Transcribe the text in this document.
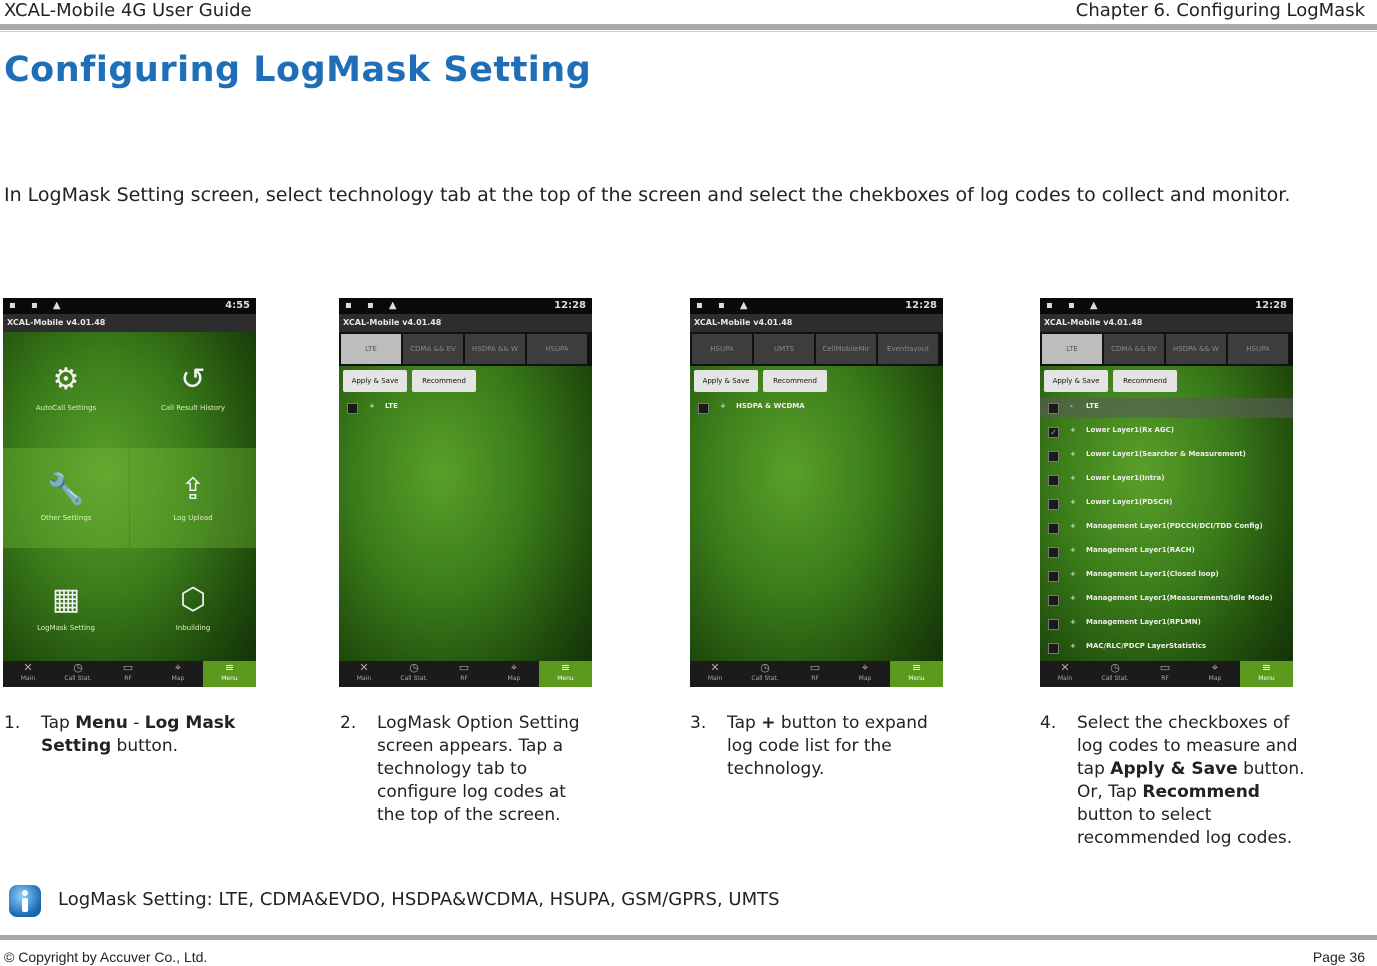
XCAL-Mobile 4G User Guide	Chapter 6. Configuring LogMask
Configuring LogMask Setting
In LogMask Setting screen, select technology tab at the top of the screen and select the chekboxes of log codes to collect and monitor.
▪ ▪ ▲	4:55
XCAL-Mobile v4.01.48
⚙
AutoCall Settings
↺
Call Result History
🔧
Other Settings
⇪
Log Upload
▦
LogMask Setting
⬡
Inbuilding
✕
Main
◷
Call Stat.
▭
RF
⌖
Map
≡
Menu
▪ ▪ ▲	12:28
XCAL-Mobile v4.01.48
LTE	CDMA && EV	HSDPA && W	HSUPA
Apply & Save	Recommend
+ LTE
✕
Main
◷
Call Stat.
▭
RF
⌖
Map
≡
Menu
▪ ▪ ▲	12:28
XCAL-Mobile v4.01.48
HSUPA	UMTS	CellMobileMir	Eventlayout
Apply & Save	Recommend
+ HSDPA & WCDMA
✕
Main
◷
Call Stat.
▭
RF
⌖
Map
≡
Menu
▪ ▪ ▲	12:28
XCAL-Mobile v4.01.48
LTE	CDMA && EV	HSDPA && W	HSUPA
Apply & Save	Recommend
- LTE
✓	+ Lower Layer1(Rx AGC)
+ Lower Layer1(Searcher & Measurement)
+ Lower Layer1(Intra)
+ Lower Layer1(PDSCH)
+ Management Layer1(PDCCH/DCI/TDD Config)
+ Management Layer1(RACH)
+ Management Layer1(Closed loop)
+ Management Layer1(Measurements/Idle Mode)
+ Management Layer1(RPLMN)
+ MAC/RLC/PDCP LayerStatistics
✕
Main
◷
Call Stat.
▭
RF
⌖
Map
≡
Menu
1. Tap Menu - Log Mask Setting button.
2. LogMask Option Setting screen appears. Tap a technology tab to configure log codes at the top of the screen.
3. Tap + button to expand log code list for the technology.
4. Select the checkboxes of log codes to measure and tap Apply & Save button.
Or, Tap Recommend button to select recommended log codes.
LogMask Setting: LTE, CDMA&EVDO, HSDPA&WCDMA, HSUPA, GSM/GPRS, UMTS
© Copyright by Accuver Co., Ltd.	Page 36
